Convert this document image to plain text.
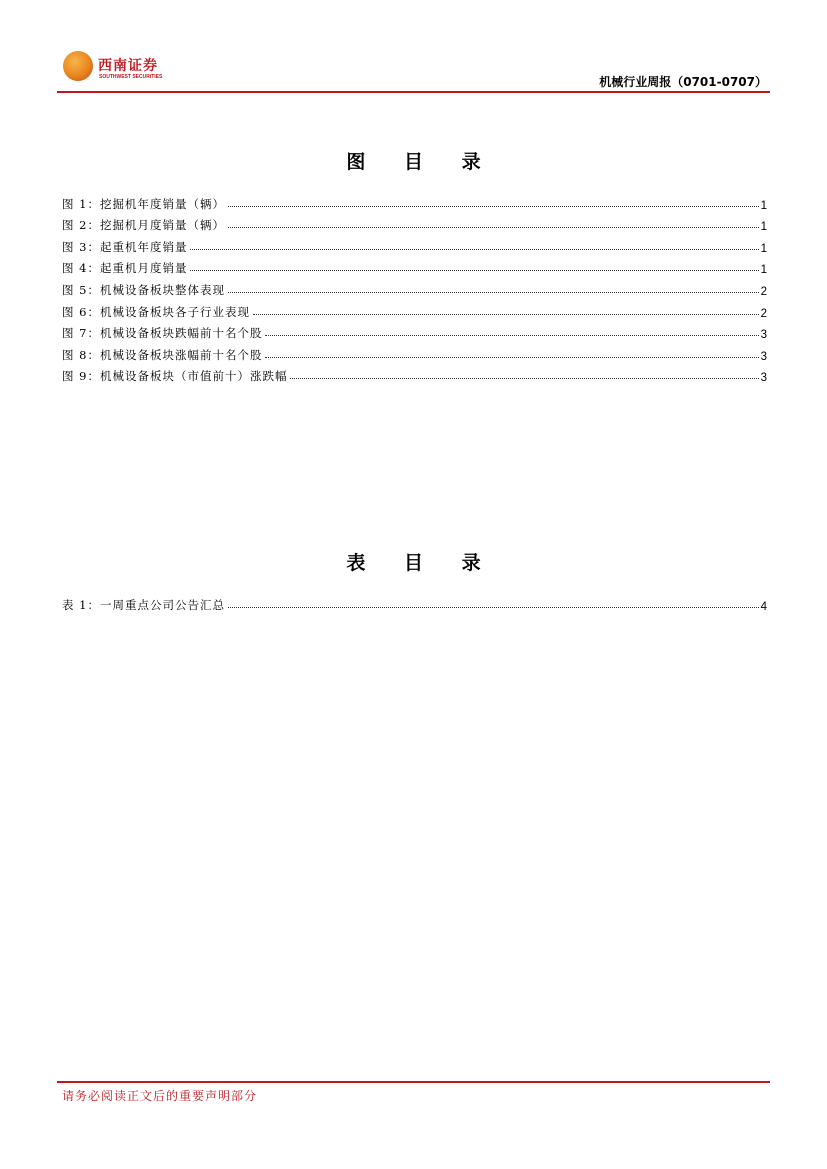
西南证券
SOUTHWEST SECURITIES	机械行业周报（0701-0707）
图 目 录
图 1：挖掘机年度销量（辆）	1
图 2：挖掘机月度销量（辆）	1
图 3：起重机年度销量	1
图 4：起重机月度销量	1
图 5：机械设备板块整体表现	2
图 6：机械设备板块各子行业表现	2
图 7：机械设备板块跌幅前十名个股	3
图 8：机械设备板块涨幅前十名个股	3
图 9：机械设备板块（市值前十）涨跌幅	3
表 目 录
表 1：一周重点公司公告汇总	4
请务必阅读正文后的重要声明部分
